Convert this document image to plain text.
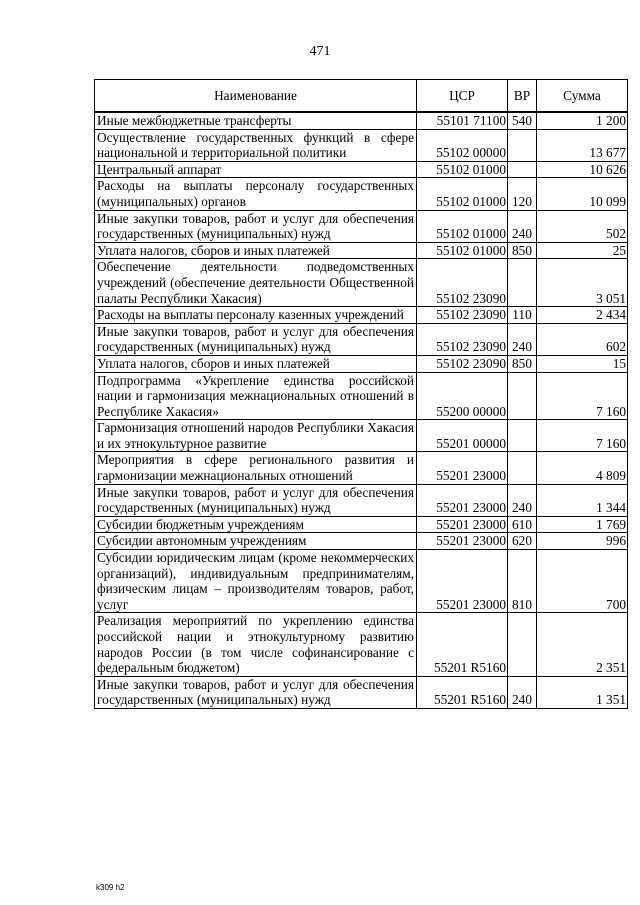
471
Наименование	ЦСР	ВР	Сумма
Иные межбюджетные трансферты	55101 71100	540	1 200
Осуществление государственных функций в сфере национальной и территориальной политики	55102 00000		13 677
Центральный аппарат	55102 01000		10 626
Расходы на выплаты персоналу государственных (муниципальных) органов	55102 01000	120	10 099
Иные закупки товаров, работ и услуг для обеспечения государственных (муниципальных) нужд	55102 01000	240	502
Уплата налогов, сборов и иных платежей	55102 01000	850	25
Обеспечение деятельности подведомственных учреждений (обеспечение деятельности Общественной палаты Республики Хакасия)	55102 23090		3 051
Расходы на выплаты персоналу казенных учреждений	55102 23090	110	2 434
Иные закупки товаров, работ и услуг для обеспечения государственных (муниципальных) нужд	55102 23090	240	602
Уплата налогов, сборов и иных платежей	55102 23090	850	15
Подпрограмма «Укрепление единства российской нации и гармонизация межнациональных отношений в Республике Хакасия»	55200 00000		7 160
Гармонизация отношений народов Республики Хакасия и их этнокультурное развитие	55201 00000		7 160
Мероприятия в сфере регионального развития и гармонизации межнациональных отношений	55201 23000		4 809
Иные закупки товаров, работ и услуг для обеспечения государственных (муниципальных) нужд	55201 23000	240	1 344
Субсидии бюджетным учреждениям	55201 23000	610	1 769
Субсидии автономным учреждениям	55201 23000	620	996
Субсидии юридическим лицам (кроме некоммерческих организаций), индивидуальным предпринимателям, физическим лицам – производителям товаров, работ, услуг	55201 23000	810	700
Реализация мероприятий по укреплению единства российской нации и этнокультурному развитию народов России (в том числе софинансирование с федеральным бюджетом)	55201 R5160		2 351
Иные закупки товаров, работ и услуг для обеспечения государственных (муниципальных) нужд	55201 R5160	240	1 351
k309 h2
